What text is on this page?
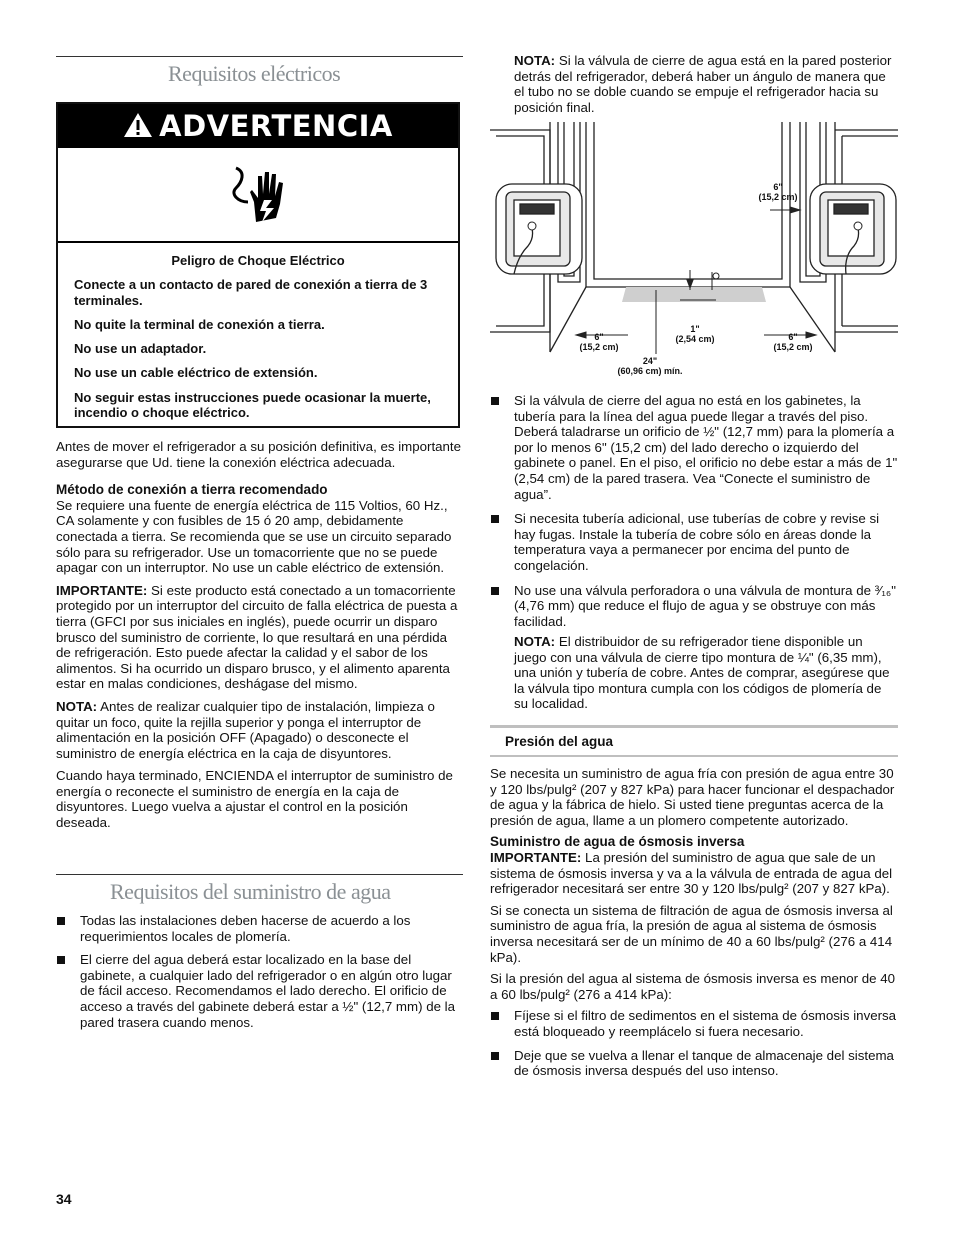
Requisitos eléctricos
ADVERTENCIA

Peligro de Choque Eléctrico

Conecte a un contacto de pared de conexión a tierra de 3 terminales.

No quite la terminal de conexión a tierra.

No use un adaptador.

No use un cable eléctrico de extensión.

No seguir estas instrucciones puede ocasionar la muerte, incendio o choque eléctrico.

Antes de mover el refrigerador a su posición definitiva, es importante asegurarse que Ud. tiene la conexión eléctrica adecuada.

Método de conexión a tierra recomendado

Se requiere una fuente de energía eléctrica de 115 Voltios, 60 Hz., CA solamente y con fusibles de 15 ó 20 amp, debidamente conectada a tierra. Se recomienda que se use un circuito separado sólo para su refrigerador. Use un tomacorriente que no se puede apagar con un interruptor. No use un cable eléctrico de extensión.

IMPORTANTE: Si este producto está conectado a un tomacorriente protegido por un interruptor del circuito de falla eléctrica de puesta a tierra (GFCI por sus iniciales en inglés), puede ocurrir un disparo brusco del suministro de corriente, lo que resultará en una pérdida de refrigeración. Esto puede afectar la calidad y el sabor de los alimentos. Si ha ocurrido un disparo brusco, y el alimento aparenta estar en malas condiciones, deshágase del mismo.

NOTA: Antes de realizar cualquier tipo de instalación, limpieza o quitar un foco, quite la rejilla superior y ponga el interruptor de alimentación en la posición OFF (Apagado) o desconecte el suministro de energía eléctrica en la caja de disyuntores.

Cuando haya terminado, ENCIENDA el interruptor de suministro de energía o reconecte el suministro de energía en la caja de disyuntores. Luego vuelva a ajustar el control en la posición deseada.

Requisitos del suministro de agua
Todas las instalaciones deben hacerse de acuerdo a los requerimientos locales de plomería.
El cierre del agua deberá estar localizado en la base del gabinete, a cualquier lado del refrigerador o en algún otro lugar de fácil acceso. Recomendamos el lado derecho. El orificio de acceso a través del gabinete deberá estar a ½" (12,7 mm) de la pared trasera cuando menos.
34

NOTA: Si la válvula de cierre de agua está en la pared posterior detrás del refrigerador, deberá haber un ángulo de manera que el tubo no se doble cuando se empuje el refrigerador hacia su posición final.

6"
(15,2 cm)
6"
(15,2 cm)
1"
(2,54 cm)	6"
(15,2 cm)
24"
(60,96 cm) mín.
Si la válvula de cierre del agua no está en los gabinetes, la tubería para la línea del agua puede llegar a través del piso. Deberá taladrarse un orificio de ½" (12,7 mm) para la plomería a por lo menos 6" (15,2 cm) del lado derecho o izquierdo del gabinete o panel. En el piso, el orificio no debe estar a más de 1" (2,54 cm) de la pared trasera. Vea “Conecte el suministro de agua”.
Si necesita tubería adicional, use tuberías de cobre y revise si hay fugas. Instale la tubería de cobre sólo en áreas donde la temperatura vaya a permanecer por encima del punto de congelación.
No use una válvula perforadora o una válvula de montura de ³⁄₁₆" (4,76 mm) que reduce el flujo de agua y se obstruye con más facilidad.

NOTA: El distribuidor de su refrigerador tiene disponible un juego con una válvula de cierre tipo montura de ¼" (6,35 mm), una unión y tubería de cobre. Antes de comprar, asegúrese que la válvula tipo montura cumpla con los códigos de plomería de su localidad.

Presión del agua

Se necesita un suministro de agua fría con presión de agua entre 30 y 120 lbs/pulg² (207 y 827 kPa) para hacer funcionar el despachador de agua y la fábrica de hielo. Si usted tiene preguntas acerca de la presión de agua, llame a un plomero competente autorizado.

Suministro de agua de ósmosis inversa

IMPORTANTE: La presión del suministro de agua que sale de un sistema de ósmosis inversa y va a la válvula de entrada de agua del refrigerador necesitará ser entre 30 y 120 lbs/pulg² (207 y 827 kPa).

Si se conecta un sistema de filtración de agua de ósmosis inversa al suministro de agua fría, la presión de agua al sistema de ósmosis inversa necesitará ser de un mínimo de 40 a 60 lbs/pulg² (276 a 414 kPa).

Si la presión del agua al sistema de ósmosis inversa es menor de 40 a 60 lbs/pulg² (276 a 414 kPa):

Fíjese si el filtro de sedimentos en el sistema de ósmosis inversa está bloqueado y reemplácelo si fuera necesario.
Deje que se vuelva a llenar el tanque de almacenaje del sistema de ósmosis inversa después del uso intenso.
